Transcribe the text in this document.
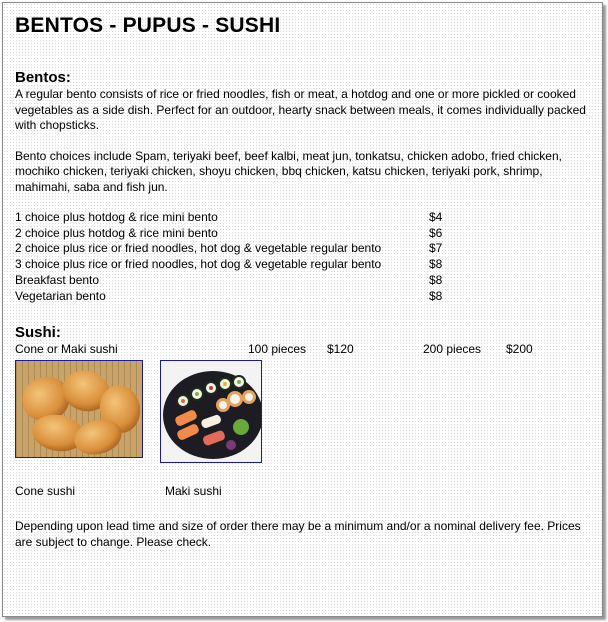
BENTOS - PUPUS - SUSHI
Bentos:

A regular bento consists of rice or fried noodles, fish or meat, a hotdog and one or more pickled or cooked vegetables as a side dish. Perfect for an outdoor, hearty snack between meals, it comes individually packed with chopsticks.

Bento choices include Spam, teriyaki beef, beef kalbi, meat jun, tonkatsu, chicken adobo, fried chicken, mochiko chicken, teriyaki chicken, shoyu chicken, bbq chicken, katsu chicken, teriyaki pork, shrimp, mahimahi, saba and fish jun.

1 choice plus hotdog & rice mini bento	$4
2 choice plus hotdog & rice mini bento	$6
2 choice plus rice or fried noodles, hot dog & vegetable regular bento	$7
3 choice plus rice or fried noodles, hot dog & vegetable regular bento	$8
Breakfast bento	$8
Vegetarian bento	$8
Sushi:
Cone or Maki sushi	100 pieces $120	200 pieces $200
Cone sushi	Maki sushi

Depending upon lead time and size of order there may be a minimum and/or a nominal delivery fee. Prices are subject to change. Please check.
